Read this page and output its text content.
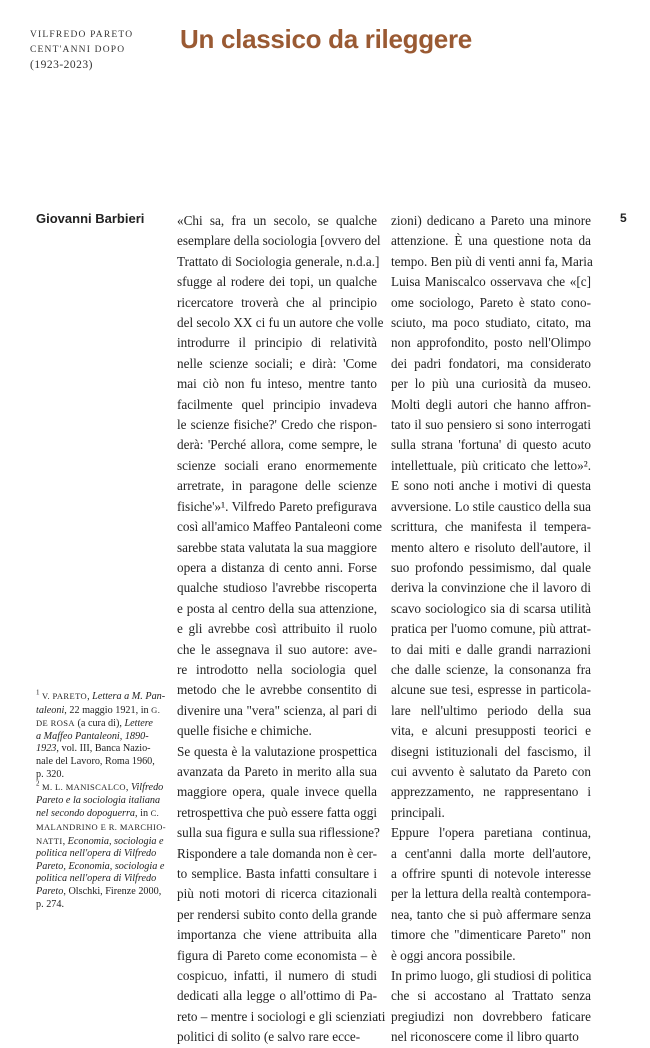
VILFREDO PARETO
CENT'ANNI DOPO
(1923-2023)
Un classico da rileggere
Giovanni Barbieri	5
«Chi sa, fra un secolo, se qualche
esemplare della sociologia [ovvero del
Trattato di Sociologia generale, n.d.a.]
sfugge al rodere dei topi, un qualche
ricercatore troverà che al principio
del secolo XX ci fu un autore che volle
introdurre il principio di relatività
nelle scienze sociali; e dirà: 'Come
mai ciò non fu inteso, mentre tanto
facilmente quel principio invadeva
le scienze fisiche?' Credo che rispon-
derà: 'Perché allora, come sempre, le
scienze sociali erano enormemente
arretrate, in paragone delle scienze
fisiche'»¹. Vilfredo Pareto prefigurava
così all'amico Maffeo Pantaleoni come
sarebbe stata valutata la sua maggiore
opera a distanza di cento anni. Forse
qualche studioso l'avrebbe riscoperta
e posta al centro della sua attenzione,
e gli avrebbe così attribuito il ruolo
che le assegnava il suo autore: ave-
re introdotto nella sociologia quel
metodo che le avrebbe consentito di
divenire una "vera" scienza, al pari di
quelle fisiche e chimiche.
Se questa è la valutazione prospettica
avanzata da Pareto in merito alla sua
maggiore opera, quale invece quella
retrospettiva che può essere fatta oggi
sulla sua figura e sulla sua riflessione?
Rispondere a tale domanda non è cer-
to semplice. Basta infatti consultare i
più noti motori di ricerca citazionali
per rendersi subito conto della grande
importanza che viene attribuita alla
figura di Pareto come economista – è
cospicuo, infatti, il numero di studi
dedicati alla legge o all'ottimo di Pa-
reto – mentre i sociologi e gli scienziati
politici di solito (e salvo rare ecce-
zioni) dedicano a Pareto una minore
attenzione. È una questione nota da
tempo. Ben più di venti anni fa, Maria
Luisa Maniscalco osservava che «[c]
ome sociologo, Pareto è stato cono-
sciuto, ma poco studiato, citato, ma
non approfondito, posto nell'Olimpo
dei padri fondatori, ma considerato
per lo più una curiosità da museo.
Molti degli autori che hanno affron-
tato il suo pensiero si sono interrogati
sulla strana 'fortuna' di questo acuto
intellettuale, più criticato che letto»².
E sono noti anche i motivi di questa
avversione. Lo stile caustico della sua
scrittura, che manifesta il tempera-
mento altero e risoluto dell'autore, il
suo profondo pessimismo, dal quale
deriva la convinzione che il lavoro di
scavo sociologico sia di scarsa utilità
pratica per l'uomo comune, più attrat-
to dai miti e dalle grandi narrazioni
che dalle scienze, la consonanza fra
alcune sue tesi, espresse in particola-
lare nell'ultimo periodo della sua
vita, e alcuni presupposti teorici e
disegni istituzionali del fascismo, il
cui avvento è salutato da Pareto con
apprezzamento, ne rappresentano i
principali.
Eppure l'opera paretiana continua,
a cent'anni dalla morte dell'autore,
a offrire spunti di notevole interesse
per la lettura della realtà contempora-
nea, tanto che si può affermare senza
timore che "dimenticare Pareto" non
è oggi ancora possibile.
In primo luogo, gli studiosi di politica
che si accostano al Trattato senza
pregiudizi non dovrebbero faticare
nel riconoscere come il libro quarto
$^1$ V. PARETO, Lettera a M. Pan-
taleoni, 22 maggio 1921, in G.
DE ROSA (a cura di), Lettere
a Maffeo Pantaleoni, 1890-
1923, vol. III, Banca Nazio-
nale del Lavoro, Roma 1960,
p. 320.
$^2$ M. L. MANISCALCO, Vilfredo
Pareto e la sociologia italiana
nel secondo dopoguerra, in C.
MALANDRINO E R. MARCHIO-
NATTI, Economia, sociologia e
politica nell'opera di Vilfredo
Pareto, Economia, sociologia e
politica nell'opera di Vilfredo
Pareto, Olschki, Firenze 2000,
p. 274.
